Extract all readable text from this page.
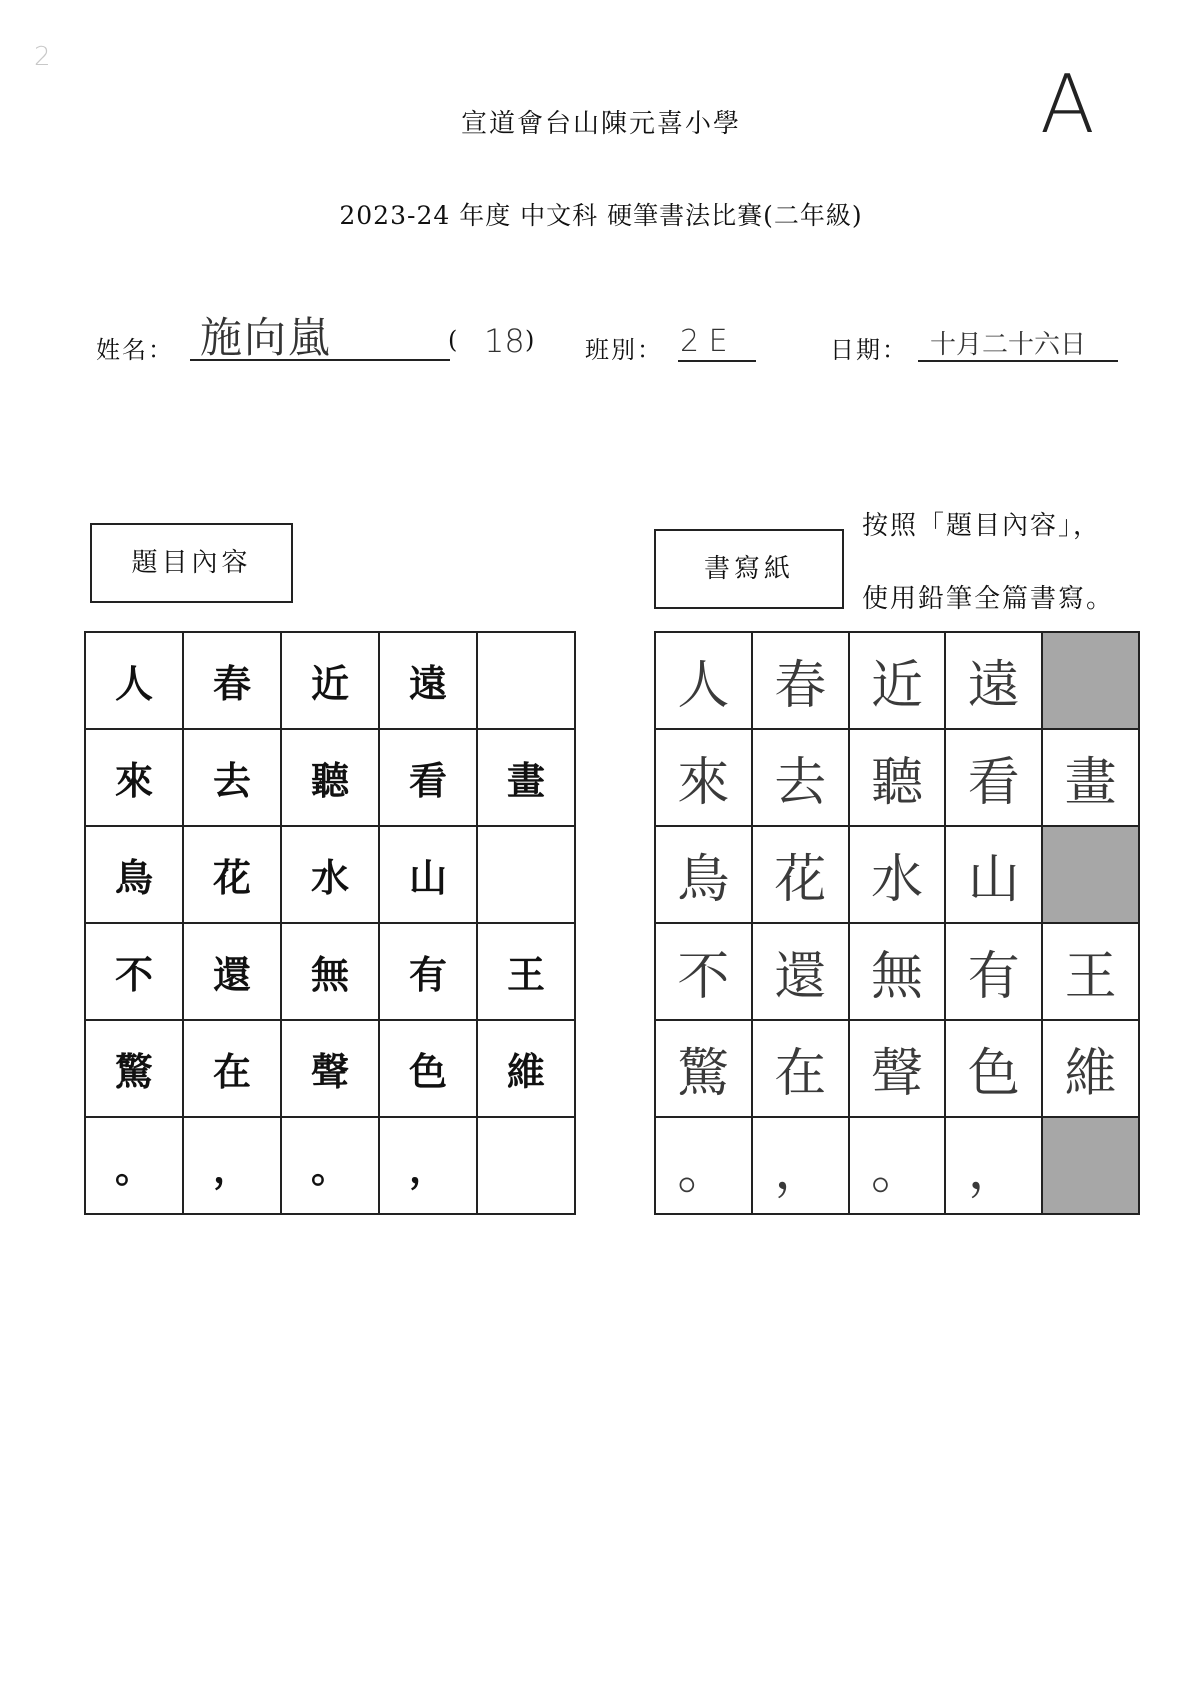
2
A
宣道會台山陳元喜小學
2023-24 年度 中文科 硬筆書法比賽(二年級)
姓名： 施向嵐	( 18 ) 班別： 2 E	日期： 十月二十六日
題目內容	書寫紙
按照「題目內容」，
使用鉛筆全篇書寫。
人	春	近	遠	
來	去	聽	看	畫
鳥	花	水	山	
不	還	無	有	王
驚	在	聲	色	維
。	，	。	，	
人	春	近	遠	
來	去	聽	看	畫
鳥	花	水	山	
不	還	無	有	王
驚	在	聲	色	維
。	，	。	，	
